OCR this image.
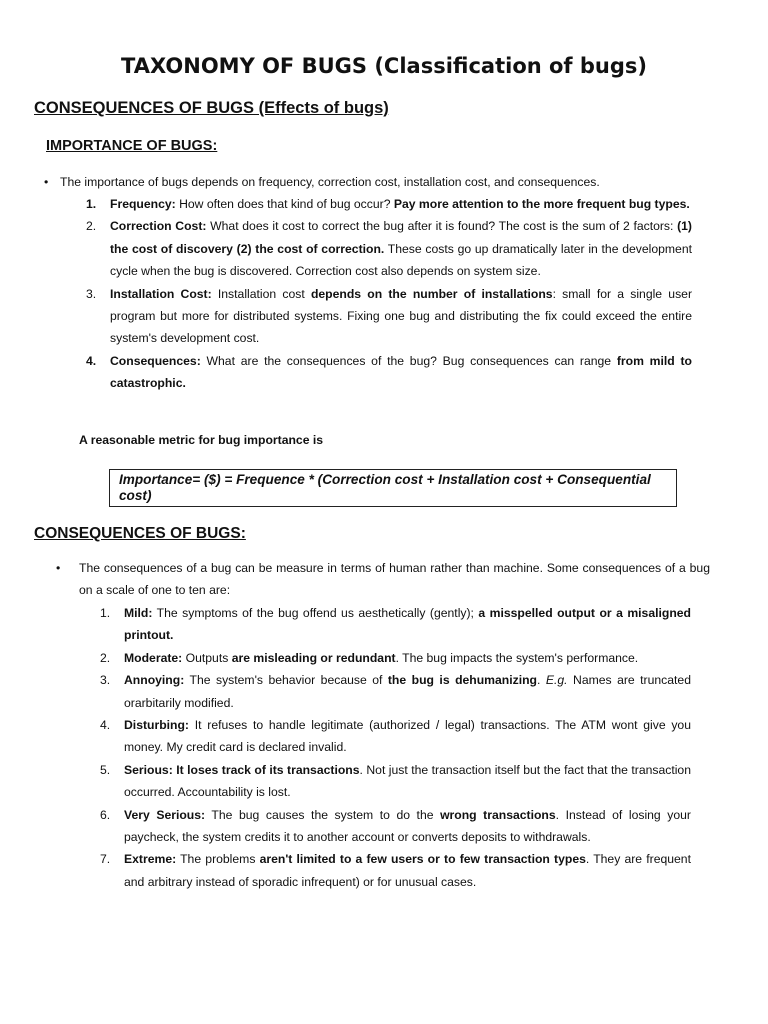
TAXONOMY OF BUGS (Classification of bugs)
CONSEQUENCES OF BUGS (Effects of bugs)
IMPORTANCE OF BUGS:
• The importance of bugs depends on frequency, correction cost, installation cost, and consequences.
1. Frequency: How often does that kind of bug occur? Pay more attention to the more frequent bug types.
2. Correction Cost: What does it cost to correct the bug after it is found? The cost is the sum of 2 factors: (1) the cost of discovery (2) the cost of correction. These costs go up dramatically later in the development cycle when the bug is discovered. Correction cost also depends on system size.
3. Installation Cost: Installation cost depends on the number of installations: small for a single user program but more for distributed systems. Fixing one bug and distributing the fix could exceed the entire system's development cost.
4. Consequences: What are the consequences of the bug? Bug consequences can range from mild to catastrophic.
A reasonable metric for bug importance is
Importance= ($) = Frequence * (Correction cost + Installation cost + Consequential cost)
CONSEQUENCES OF BUGS:
• The consequences of a bug can be measure in terms of human rather than machine. Some consequences of a bug on a scale of one to ten are:
1. Mild: The symptoms of the bug offend us aesthetically (gently); a misspelled output or a misaligned printout.
2. Moderate: Outputs are misleading or redundant. The bug impacts the system's performance.
3. Annoying: The system's behavior because of the bug is dehumanizing. E.g. Names are truncated orarbitarily modified.
4. Disturbing: It refuses to handle legitimate (authorized / legal) transactions. The ATM wont give you money. My credit card is declared invalid.
5. Serious: It loses track of its transactions. Not just the transaction itself but the fact that the transaction occurred. Accountability is lost.
6. Very Serious: The bug causes the system to do the wrong transactions. Instead of losing your paycheck, the system credits it to another account or converts deposits to withdrawals.
7. Extreme: The problems aren't limited to a few users or to few transaction types. They are frequent and arbitrary instead of sporadic infrequent) or for unusual cases.
